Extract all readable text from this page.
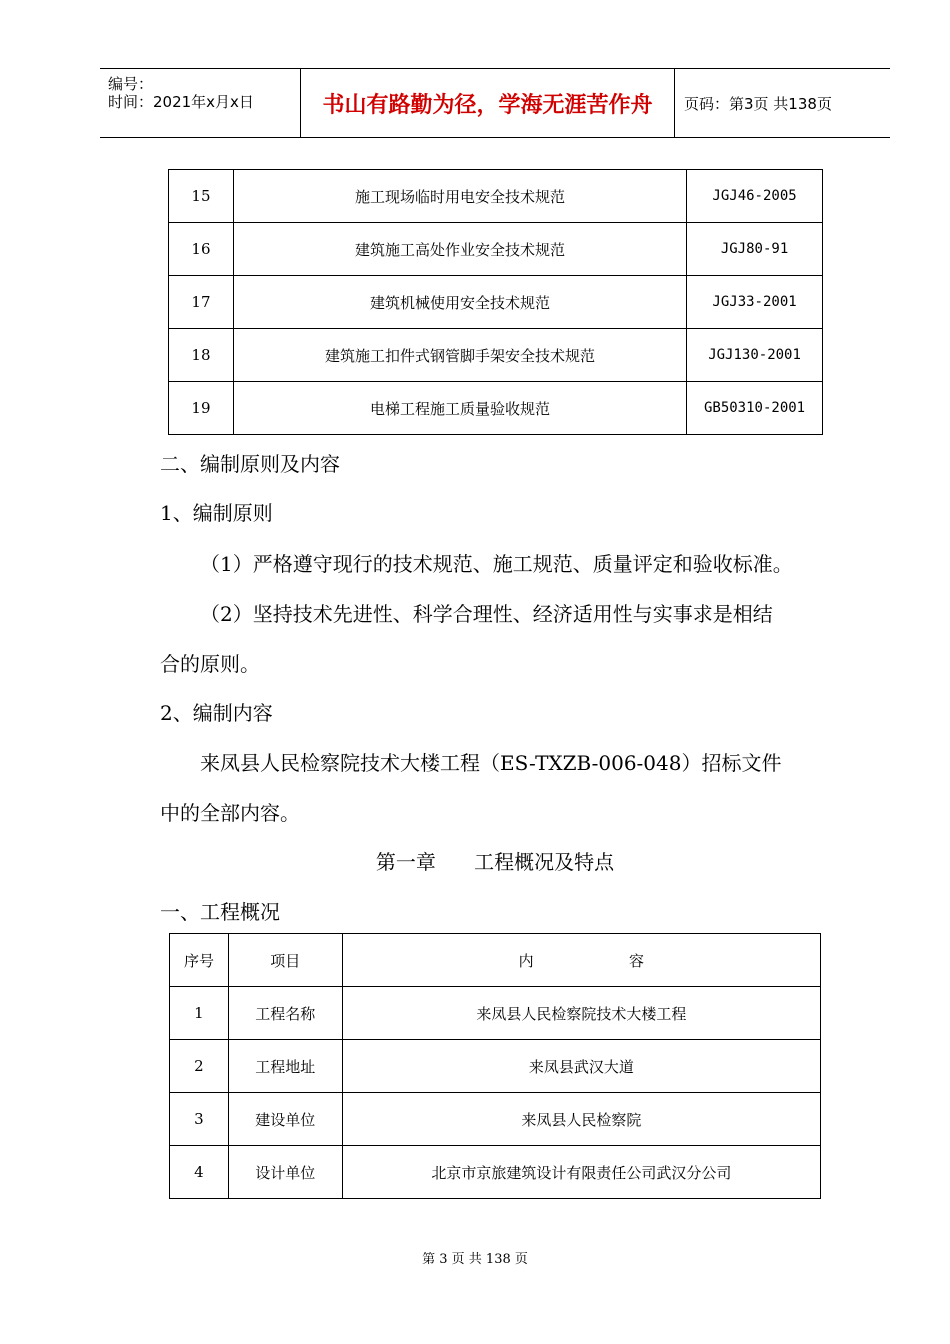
编号：
时间：2021年x月x日	书山有路勤为径，学海无涯苦作舟	页码：第3页 共138页
15	施工现场临时用电安全技术规范	JGJ46-2005
16	建筑施工高处作业安全技术规范	JGJ80-91
17	建筑机械使用安全技术规范	JGJ33-2001
18	建筑施工扣件式钢管脚手架安全技术规范	JGJ130-2001
19	电梯工程施工质量验收规范	GB50310-2001
二、编制原则及内容
1、编制原则
（1）严格遵守现行的技术规范、施工规范、质量评定和验收标准。
（2）坚持技术先进性、科学合理性、经济适用性与实事求是相结
合的原则。
2、编制内容
来凤县人民检察院技术大楼工程（ES-TXZB-006-048）招标文件
中的全部内容。
第一章      工程概况及特点
一、工程概况
序号	项目	内                    容
1	工程名称	来凤县人民检察院技术大楼工程
2	工程地址	来凤县武汉大道
3	建设单位	来凤县人民检察院
4	设计单位	北京市京旅建筑设计有限责任公司武汉分公司
第 3 页 共 138 页
